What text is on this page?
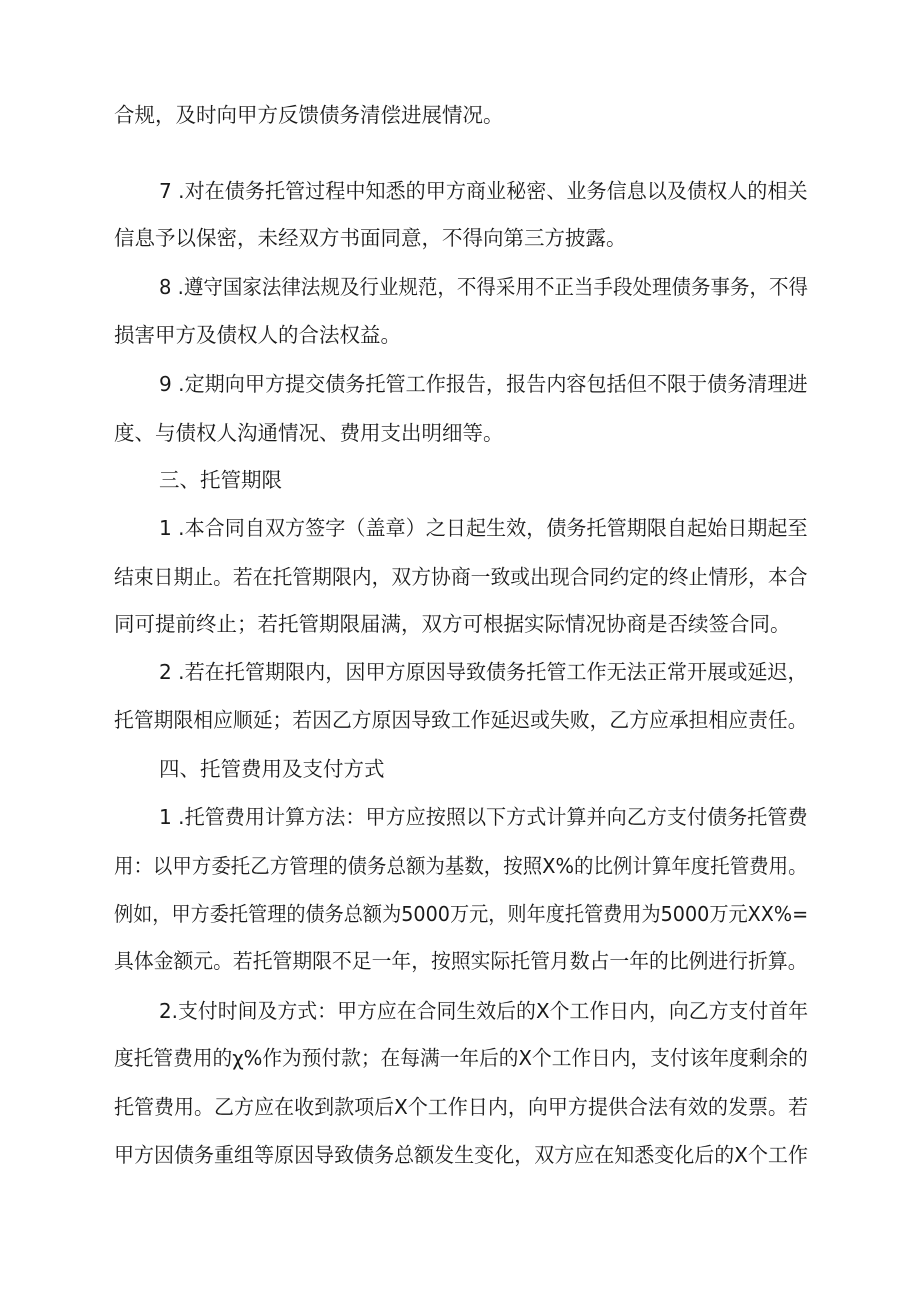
合规，及时向甲方反馈债务清偿进展情况。
7 .对在债务托管过程中知悉的甲方商业秘密、业务信息以及债权人的相关
信息予以保密，未经双方书面同意，不得向第三方披露。
8 .遵守国家法律法规及行业规范，不得采用不正当手段处理债务事务，不得
损害甲方及债权人的合法权益。
9 .定期向甲方提交债务托管工作报告，报告内容包括但不限于债务清理进
度、与债权人沟通情况、费用支出明细等。
三、托管期限
1 .本合同自双方签字（盖章）之日起生效，债务托管期限自起始日期起至
结束日期止。若在托管期限内，双方协商一致或出现合同约定的终止情形，本合
同可提前终止；若托管期限届满，双方可根据实际情况协商是否续签合同。
2 .若在托管期限内，因甲方原因导致债务托管工作无法正常开展或延迟，
托管期限相应顺延；若因乙方原因导致工作延迟或失败，乙方应承担相应责任。
四、托管费用及支付方式
1 .托管费用计算方法：甲方应按照以下方式计算并向乙方支付债务托管费
用：以甲方委托乙方管理的债务总额为基数，按照X%的比例计算年度托管费用。
例如，甲方委托管理的债务总额为5000万元，则年度托管费用为5000万元XX%=
具体金额元。若托管期限不足一年，按照实际托管月数占一年的比例进行折算。
2.支付时间及方式：甲方应在合同生效后的X个工作日内，向乙方支付首年
度托管费用的χ%作为预付款；在每满一年后的X个工作日内，支付该年度剩余的
托管费用。乙方应在收到款项后X个工作日内，向甲方提供合法有效的发票。若
甲方因债务重组等原因导致债务总额发生变化，双方应在知悉变化后的X个工作
